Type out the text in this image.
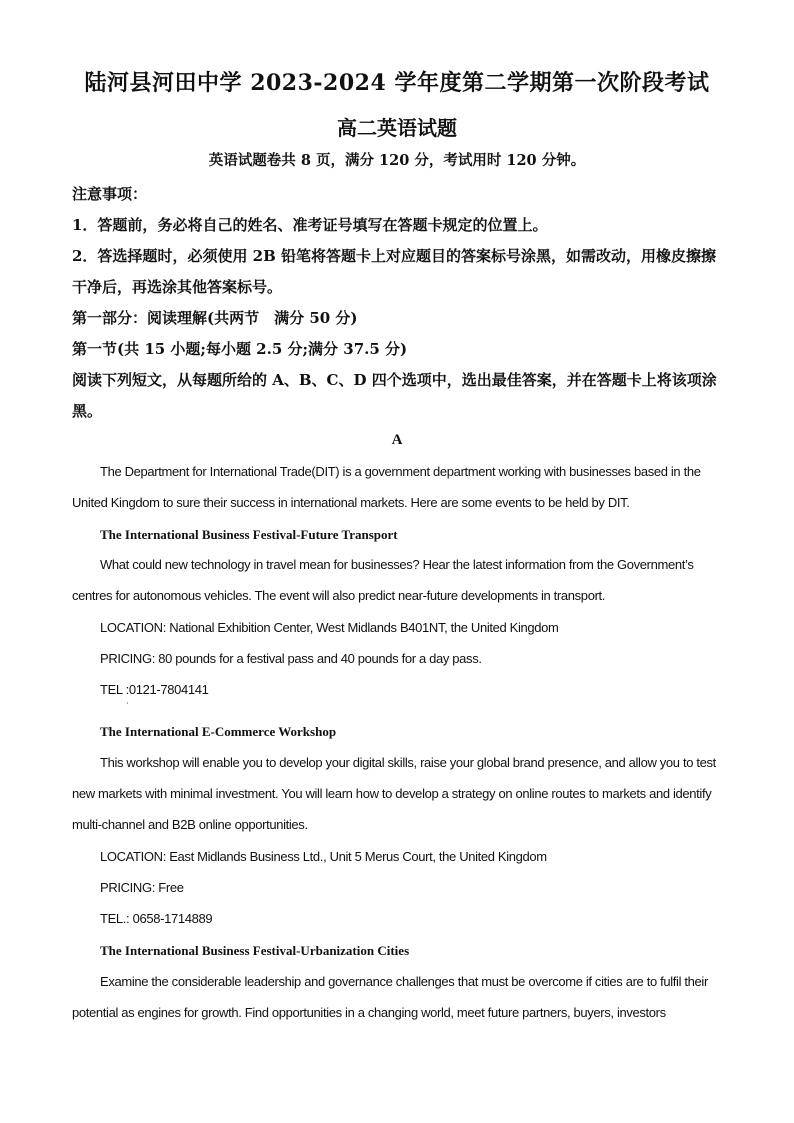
陆河县河田中学 2023-2024 学年度第二学期第一次阶段考试
高二英语试题
英语试题卷共 8 页，满分 120 分，考试用时 120 分钟。
注意事项：
1．答题前，务必将自己的姓名、准考证号填写在答题卡规定的位置上。
2．答选择题时，必须使用 2B 铅笔将答题卡上对应题目的答案标号涂黑，如需改动，用橡皮擦擦干净后，再选涂其他答案标号。
第一部分：阅读理解(共两节　满分 50 分)
第一节(共 15 小题;每小题 2.5 分;满分 37.5 分)
阅读下列短文，从每题所给的 A、B、C、D 四个选项中，选出最佳答案，并在答题卡上将该项涂黑。
A
The Department for International Trade(DIT) is a government department working with businesses based in the United Kingdom to sure their success in international markets. Here are some events to be held by DIT.
The International Business Festival-Future Transport
What could new technology in travel mean for businesses? Hear the latest information from the Government’s centres for autonomous vehicles. The event will also predict near-future developments in transport.
LOCATION: National Exhibition Center, West Midlands B401NT, the United Kingdom
PRICING: 80 pounds for a festival pass and 40 pounds for a day pass.
TEL :0121-7804141
·
The International E-Commerce Workshop
This workshop will enable you to develop your digital skills, raise your global brand presence, and allow you to test new markets with minimal investment. You will learn how to develop a strategy on online routes to markets and identify multi-channel and B2B online opportunities.
LOCATION: East Midlands Business Ltd., Unit 5 Merus Court, the United Kingdom
PRICING: Free
TEL.: 0658-1714889
The International Business Festival-Urbanization Cities
Examine the considerable leadership and governance challenges that must be overcome if cities are to fulfil their potential as engines for growth. Find opportunities in a changing world, meet future partners, buyers, investors
